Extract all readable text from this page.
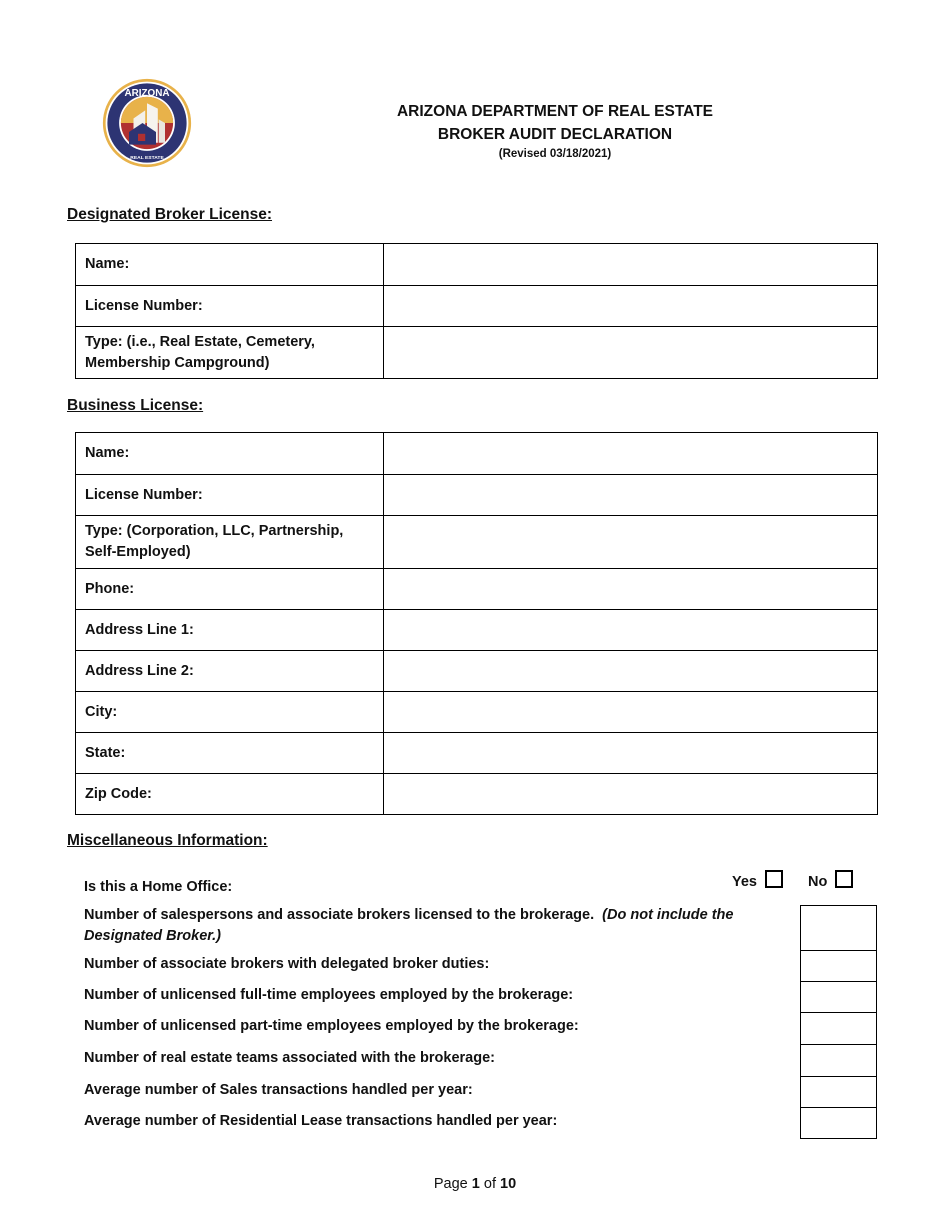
ARIZONA
REAL ESTATE
ARIZONA DEPARTMENT OF REAL ESTATE
BROKER AUDIT DECLARATION
(Revised 03/18/2021)
Designated Broker License:
Name:	
License Number:	
Type: (i.e., Real Estate, Cemetery, Membership Campground)	
Business License:
Name:	
License Number:	
Type: (Corporation, LLC, Partnership, Self-Employed)	
Phone:	
Address Line 1:	
Address Line 2:	
City:	
State:	
Zip Code:	
Miscellaneous Information:
Is this a Home Office:	Yes	No
Number of salespersons and associate brokers licensed to the brokerage. (Do not include the Designated Broker.)
Number of associate brokers with delegated broker duties:
Number of unlicensed full-time employees employed by the brokerage:
Number of unlicensed part-time employees employed by the brokerage:
Number of real estate teams associated with the brokerage:
Average number of Sales transactions handled per year:
Average number of Residential Lease transactions handled per year:
Page 1 of 10
